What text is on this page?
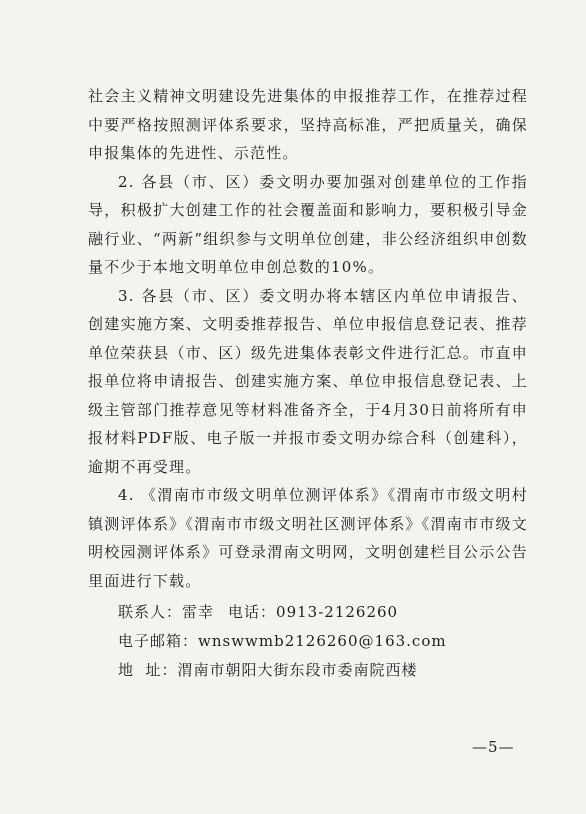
社会主义精神文明建设先进集体的申报推荐工作，在推荐过程中要严格按照测评体系要求，坚持高标准，严把质量关，确保申报集体的先进性、示范性。

2. 各县（市、区）委文明办要加强对创建单位的工作指导，积极扩大创建工作的社会覆盖面和影响力，要积极引导金融行业、“两新”组织参与文明单位创建，非公经济组织申创数量不少于本地文明单位申创总数的10%。

3. 各县（市、区）委文明办将本辖区内单位申请报告、创建实施方案、文明委推荐报告、单位申报信息登记表、推荐单位荣获县（市、区）级先进集体表彰文件进行汇总。市直申报单位将申请报告、创建实施方案、单位申报信息登记表、上级主管部门推荐意见等材料准备齐全，于4月30日前将所有申报材料PDF版、电子版一并报市委文明办综合科（创建科），逾期不再受理。

4. 《渭南市市级文明单位测评体系》《渭南市市级文明村镇测评体系》《渭南市市级文明社区测评体系》《渭南市市级文明校园测评体系》可登录渭南文明网，文明创建栏目公示公告里面进行下载。

联系人：雷幸 电话：0913-2126260

电子邮箱：wnswwmb2126260@163.com

地  址：渭南市朝阳大街东段市委南院西楼

—5—
